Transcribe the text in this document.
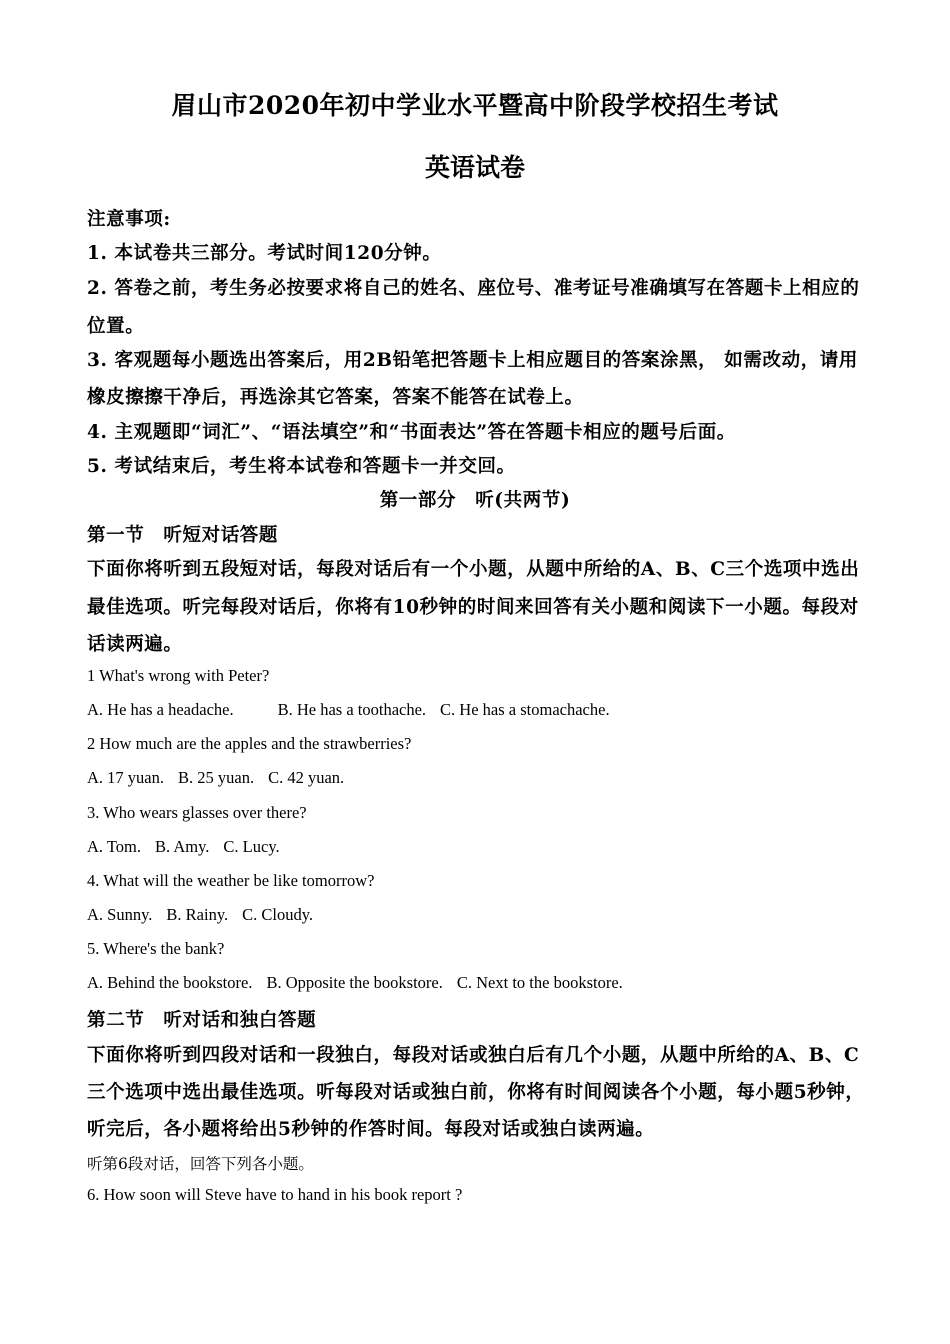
眉山市2020年初中学业水平暨高中阶段学校招生考试
英语试卷
注意事项:
1. 本试卷共三部分。考试时间120分钟。
2. 答卷之前，考生务必按要求将自己的姓名、座位号、准考证号准确填写在答题卡上相应的
位置。
3. 客观题每小题选出答案后，用2B铅笔把答题卡上相应题目的答案涂黑， 如需改动，请用
橡皮擦擦干净后，再选涂其它答案，答案不能答在试卷上。
4. 主观题即“词汇”、“语法填空”和“书面表达”答在答题卡相应的题号后面。
5. 考试结束后，考生将本试卷和答题卡一并交回。
第一部分　听(共两节)
第一节　听短对话答题
下面你将听到五段短对话，每段对话后有一个小题，从题中所给的A、B、C三个选项中选出
最佳选项。听完每段对话后，你将有10秒钟的时间来回答有关小题和阅读下一小题。每段对
话读两遍。
1 What's wrong with Peter?
A. He has a headache.	B. He has a toothache. C. He has a stomachache.
2 How much are the apples and the strawberries?
A. 17 yuan. B. 25 yuan. C. 42 yuan.
3. Who wears glasses over there?
A. Tom. B. Amy. C. Lucy.
4. What will the weather be like tomorrow?
A. Sunny. B. Rainy. C. Cloudy.
5. Where's the bank?
A. Behind the bookstore. B. Opposite the bookstore. C. Next to the bookstore.
第二节　听对话和独白答题
下面你将听到四段对话和一段独白，每段对话或独白后有几个小题，从题中所给的A、B、C
三个选项中选出最佳选项。听每段对话或独白前，你将有时间阅读各个小题，每小题5秒钟，
听完后，各小题将给出5秒钟的作答时间。每段对话或独白读两遍。
听第6段对话，回答下列各小题。
6. How soon will Steve have to hand in his book report ?
